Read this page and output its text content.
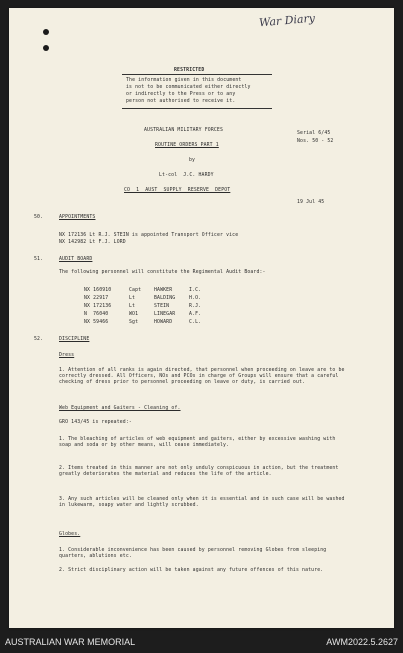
War Diary
RESTRICTED
The information given in this document
is not to be communicated either directly
or indirectly to the Press or to any
person not authorised to receive it.
AUSTRALIAN MILITARY FORCES
ROUTINE ORDERS PART 1
by
Lt-col  J.C. HARDY
CO  1  AUST  SUPPLY  RESERVE  DEPOT
Serial 6/45
Nos. 50 - 52
19 Jul 45
50.	APPOINTMENTS
NX 172136 Lt R.J. STEIN is appointed Transport Officer vice
NX 142982 Lt F.J. LORD
51.	AUDIT BOARD
The following personnel will constitute the Regimental Audit Board:-
NX 160910	Capt	HAWKER	I.C.
NX 22917	Lt	BALDING	H.O.
NX 172136	Lt	STEIN	R.J.
N  76040	WO1	LINEGAR	A.F.
NX 59466	Sgt	HOWARD	C.L.
52.	DISCIPLINE
Dress
1. Attention of all ranks is again directed, that personnel when proceeding on leave are to be correctly dressed. All Officers, NOs and PCOs in charge of Groups will ensure that a careful checking of dress prior to personnel proceeding on leave or duty, is carried out.
Web Equipment and Gaiters - Cleaning of.
GRO 143/45 is repeated:-
1. The bleaching of articles of web equipment and gaiters, either by excessive washing with soap and soda or by other means, will cease immediately.
2. Items treated in this manner are not only unduly conspicuous in action, but the treatment greatly deteriorates the material and reduces the life of the article.
3. Any such articles will be cleaned only when it is essential and in such case will be washed in lukewarm, soapy water and lightly scrubbed.
Globes.
1. Considerable inconvenience has been caused by personnel removing Globes from sleeping quarters, ablutions etc.
2. Strict disciplinary action will be taken against any future offences of this nature.
AUSTRALIAN WAR MEMORIAL	AWM2022.5.2627
